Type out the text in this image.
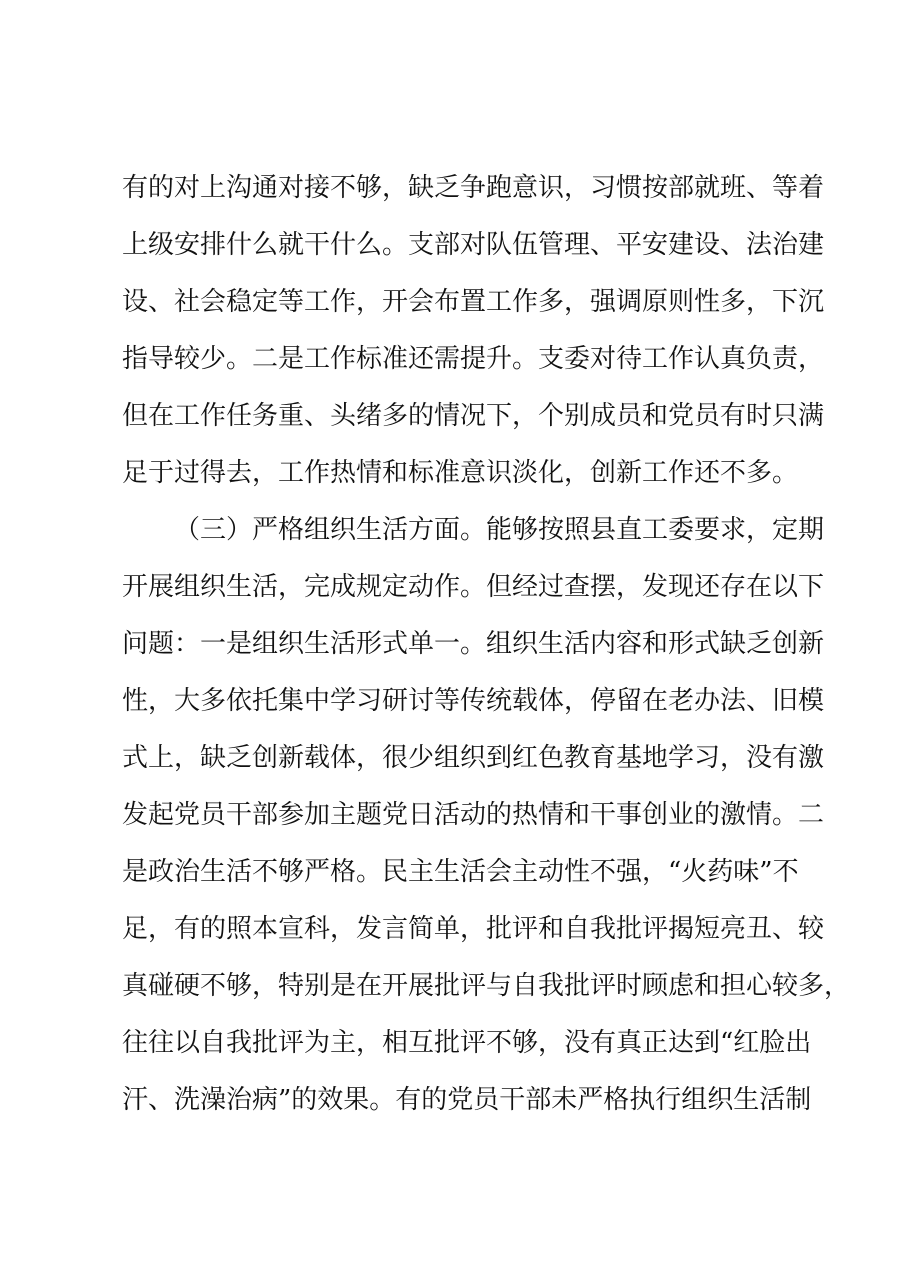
有的对上沟通对接不够，缺乏争跑意识，习惯按部就班、等着
上级安排什么就干什么。支部对队伍管理、平安建设、法治建
设、社会稳定等工作，开会布置工作多，强调原则性多，下沉
指导较少。二是工作标准还需提升。支委对待工作认真负责，
但在工作任务重、头绪多的情况下，个别成员和党员有时只满
足于过得去，工作热情和标准意识淡化，创新工作还不多。
（三）严格组织生活方面。能够按照县直工委要求，定期
开展组织生活，完成规定动作。但经过查摆，发现还存在以下
问题：一是组织生活形式单一。组织生活内容和形式缺乏创新
性，大多依托集中学习研讨等传统载体，停留在老办法、旧模
式上，缺乏创新载体，很少组织到红色教育基地学习，没有激
发起党员干部参加主题党日活动的热情和干事创业的激情。二
是政治生活不够严格。民主生活会主动性不强，“火药味”不
足，有的照本宣科，发言简单，批评和自我批评揭短亮丑、较
真碰硬不够，特别是在开展批评与自我批评时顾虑和担心较多，
往往以自我批评为主，相互批评不够，没有真正达到“红脸出
汗、洗澡治病”的效果。有的党员干部未严格执行组织生活制
